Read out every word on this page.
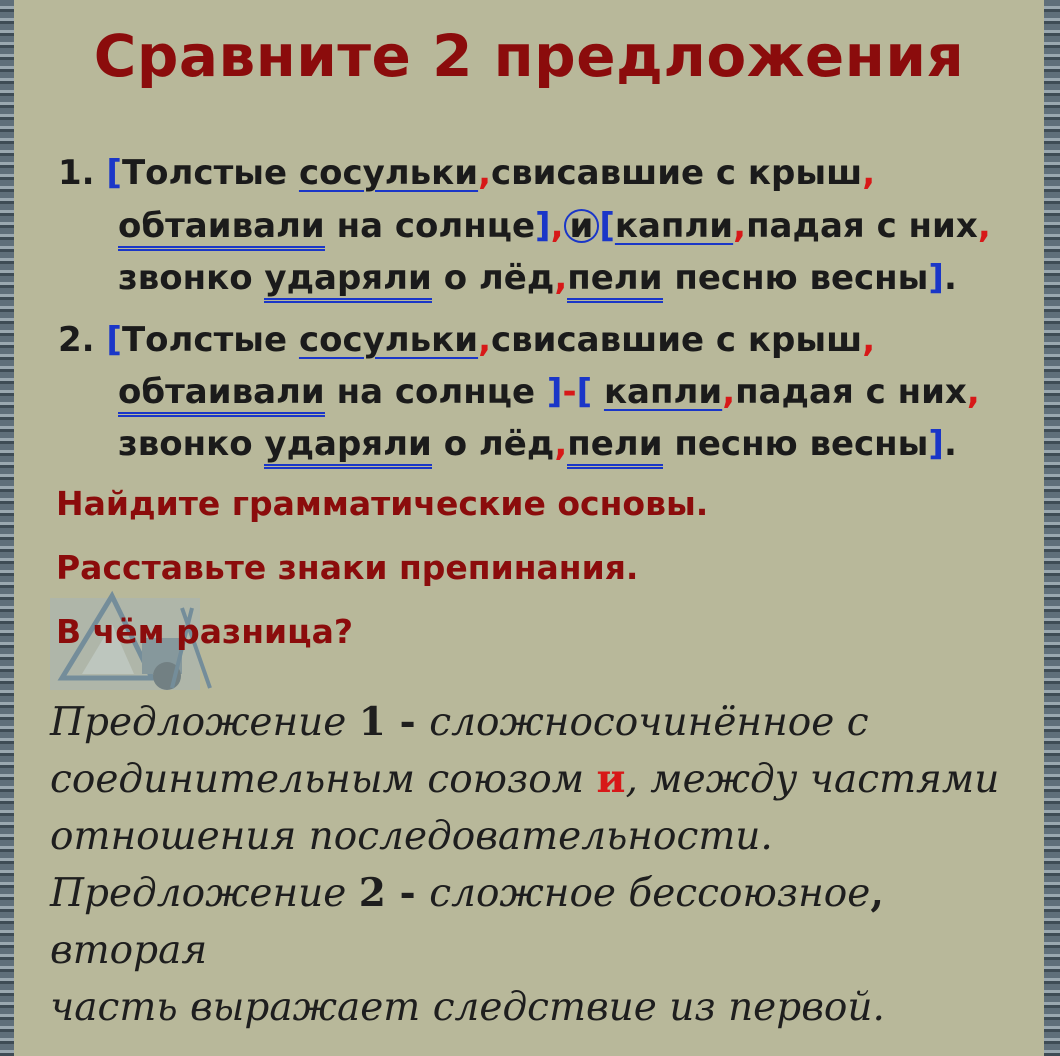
Сравните 2 предложения
1. [Толстые сосульки,свисавшие с крыш,
обтаивали на солнце], и [капли,падая с них,
звонко ударяли о лёд,пели песню весны].
2. [Толстые сосульки,свисавшие с крыш,
обтаивали на солнце ]-[ капли,падая с них,
звонко ударяли о лёд,пели песню весны].
Найдите грамматические основы.
Расставьте знаки препинания.
В чём разница?
Предложение 1 - сложносочинённое с
соединительным союзом и, между частями
отношения последовательности.
Предложение 2 - сложное бессоюзное, вторая
часть выражает следствие из первой.
